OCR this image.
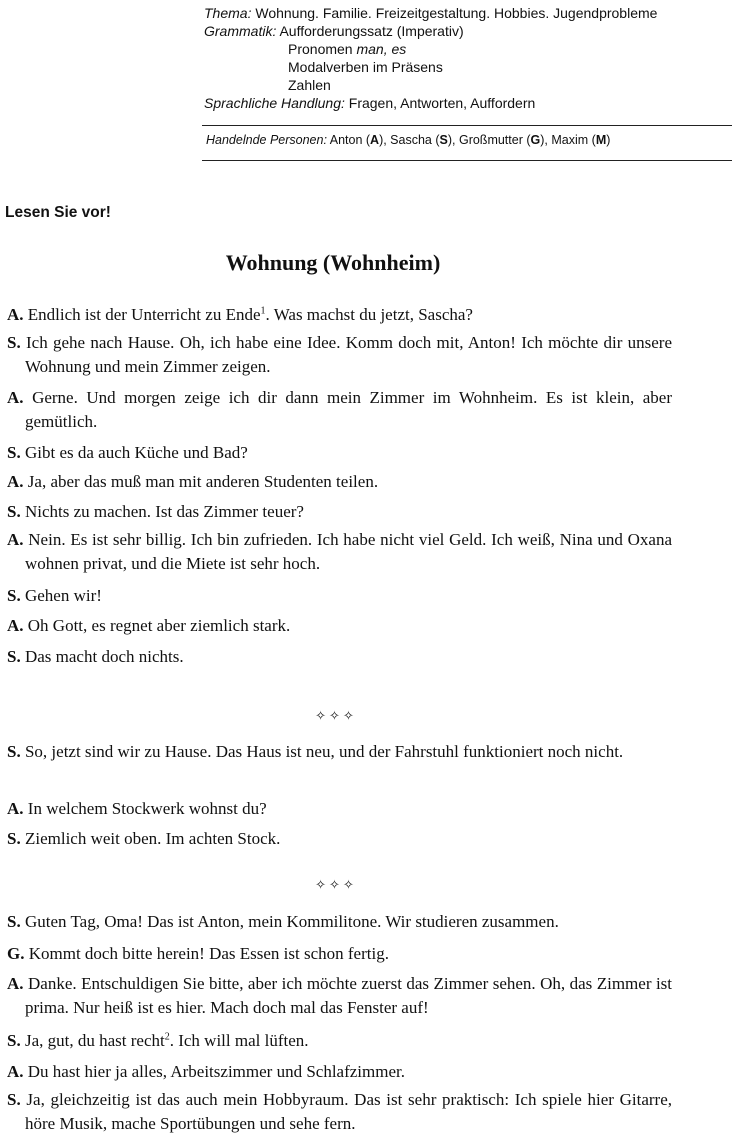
Thema: Wohnung. Familie. Freizeitgestaltung. Hobbies. Jugendprobleme
Grammatik: Aufforderungssatz (Imperativ)
Pronomen man, es
Modalverben im Präsens
Zahlen
Sprachliche Handlung: Fragen, Antworten, Auffordern
Handelnde Personen: Anton (A), Sascha (S), Großmutter (G), Maxim (M)
Lesen Sie vor!
Wohnung (Wohnheim)
A. Endlich ist der Unterricht zu Ende$^1$. Was machst du jetzt, Sascha?
S. Ich gehe nach Hause. Oh, ich habe eine Idee. Komm doch mit, Anton! Ich möchte dir unsere Wohnung und mein Zimmer zeigen.
A. Gerne. Und morgen zeige ich dir dann mein Zimmer im Wohnheim. Es ist klein, aber gemütlich.
S. Gibt es da auch Küche und Bad?
A. Ja, aber das muß man mit anderen Studenten teilen.
S. Nichts zu machen. Ist das Zimmer teuer?
A. Nein. Es ist sehr billig. Ich bin zufrieden. Ich habe nicht viel Geld. Ich weiß, Nina und Oxana wohnen privat, und die Miete ist sehr hoch.
S. Gehen wir!
A. Oh Gott, es regnet aber ziemlich stark.
S. Das macht doch nichts.
✧✧✧
S. So, jetzt sind wir zu Hause. Das Haus ist neu, und der Fahrstuhl funktioniert noch nicht.
A. In welchem Stockwerk wohnst du?
S. Ziemlich weit oben. Im achten Stock.
✧✧✧
S. Guten Tag, Oma! Das ist Anton, mein Kommilitone. Wir studieren zusammen.
G. Kommt doch bitte herein! Das Essen ist schon fertig.
A. Danke. Entschuldigen Sie bitte, aber ich möchte zuerst das Zimmer sehen. Oh, das Zimmer ist prima. Nur heiß ist es hier. Mach doch mal das Fenster auf!
S. Ja, gut, du hast recht$^2$. Ich will mal lüften.
A. Du hast hier ja alles, Arbeitszimmer und Schlafzimmer.
S. Ja, gleichzeitig ist das auch mein Hobbyraum. Das ist sehr praktisch: Ich spiele hier Gitarre, höre Musik, mache Sportübungen und sehe fern.
